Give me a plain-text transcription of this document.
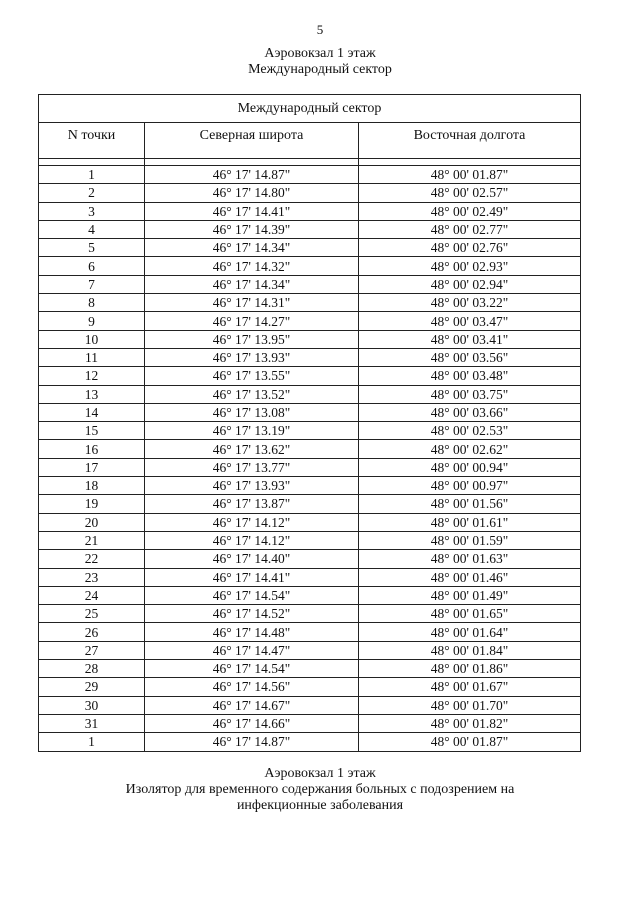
5
Аэровокзал 1 этаж
Международный сектор
Международный сектор		
N точки	Северная широта	Восточная долгота

1	46° 17' 14.87"	48° 00' 01.87"
2	46° 17' 14.80"	48° 00' 02.57"
3	46° 17' 14.41"	48° 00' 02.49"
4	46° 17' 14.39"	48° 00' 02.77"
5	46° 17' 14.34"	48° 00' 02.76"
6	46° 17' 14.32"	48° 00' 02.93"
7	46° 17' 14.34"	48° 00' 02.94"
8	46° 17' 14.31"	48° 00' 03.22"
9	46° 17' 14.27"	48° 00' 03.47"
10	46° 17' 13.95"	48° 00' 03.41"
11	46° 17' 13.93"	48° 00' 03.56"
12	46° 17' 13.55"	48° 00' 03.48"
13	46° 17' 13.52"	48° 00' 03.75"
14	46° 17' 13.08"	48° 00' 03.66"
15	46° 17' 13.19"	48° 00' 02.53"
16	46° 17' 13.62"	48° 00' 02.62"
17	46° 17' 13.77"	48° 00' 00.94"
18	46° 17' 13.93"	48° 00' 00.97"
19	46° 17' 13.87"	48° 00' 01.56"
20	46° 17' 14.12"	48° 00' 01.61"
21	46° 17' 14.12"	48° 00' 01.59"
22	46° 17' 14.40"	48° 00' 01.63"
23	46° 17' 14.41"	48° 00' 01.46"
24	46° 17' 14.54"	48° 00' 01.49"
25	46° 17' 14.52"	48° 00' 01.65"
26	46° 17' 14.48"	48° 00' 01.64"
27	46° 17' 14.47"	48° 00' 01.84"
28	46° 17' 14.54"	48° 00' 01.86"
29	46° 17' 14.56"	48° 00' 01.67"
30	46° 17' 14.67"	48° 00' 01.70"
31	46° 17' 14.66"	48° 00' 01.82"
1	46° 17' 14.87"	48° 00' 01.87"
Аэровокзал 1 этаж
Изолятор для временного содержания больных с подозрением на
инфекционные заболевания
